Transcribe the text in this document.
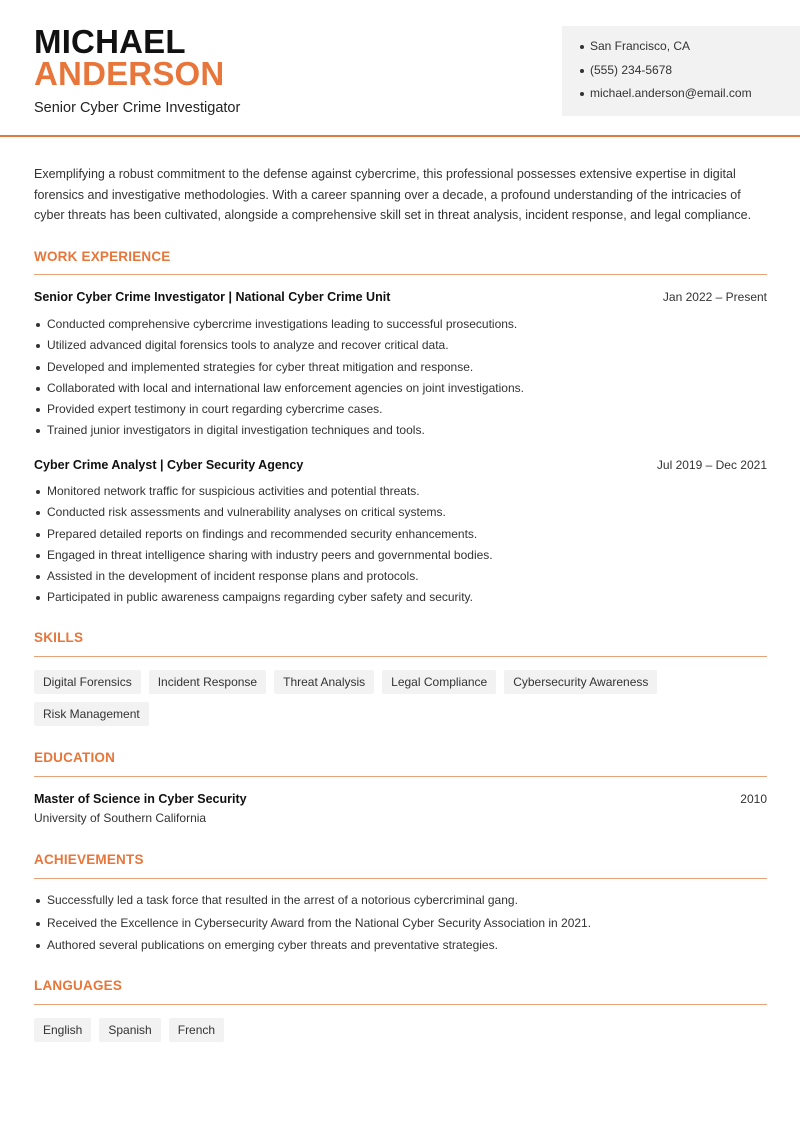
MICHAEL
ANDERSON
Senior Cyber Crime Investigator
San Francisco, CA
(555) 234-5678
michael.anderson@email.com

Exemplifying a robust commitment to the defense against cybercrime, this professional possesses extensive expertise in digital forensics and investigative methodologies. With a career spanning over a decade, a profound understanding of the intricacies of cyber threats has been cultivated, alongside a comprehensive skill set in threat analysis, incident response, and legal compliance.

WORK EXPERIENCE
Senior Cyber Crime Investigator | National Cyber Crime Unit	Jan 2022 – Present
Conducted comprehensive cybercrime investigations leading to successful prosecutions.
Utilized advanced digital forensics tools to analyze and recover critical data.
Developed and implemented strategies for cyber threat mitigation and response.
Collaborated with local and international law enforcement agencies on joint investigations.
Provided expert testimony in court regarding cybercrime cases.
Trained junior investigators in digital investigation techniques and tools.
Cyber Crime Analyst | Cyber Security Agency	Jul 2019 – Dec 2021
Monitored network traffic for suspicious activities and potential threats.
Conducted risk assessments and vulnerability analyses on critical systems.
Prepared detailed reports on findings and recommended security enhancements.
Engaged in threat intelligence sharing with industry peers and governmental bodies.
Assisted in the development of incident response plans and protocols.
Participated in public awareness campaigns regarding cyber safety and security.
SKILLS
Digital Forensics	Incident Response	Threat Analysis	Legal Compliance	Cybersecurity Awareness
Risk Management
EDUCATION
Master of Science in Cyber Security	2010
University of Southern California
ACHIEVEMENTS
Successfully led a task force that resulted in the arrest of a notorious cybercriminal gang.
Received the Excellence in Cybersecurity Award from the National Cyber Security Association in 2021.
Authored several publications on emerging cyber threats and preventative strategies.
LANGUAGES
English	Spanish	French
